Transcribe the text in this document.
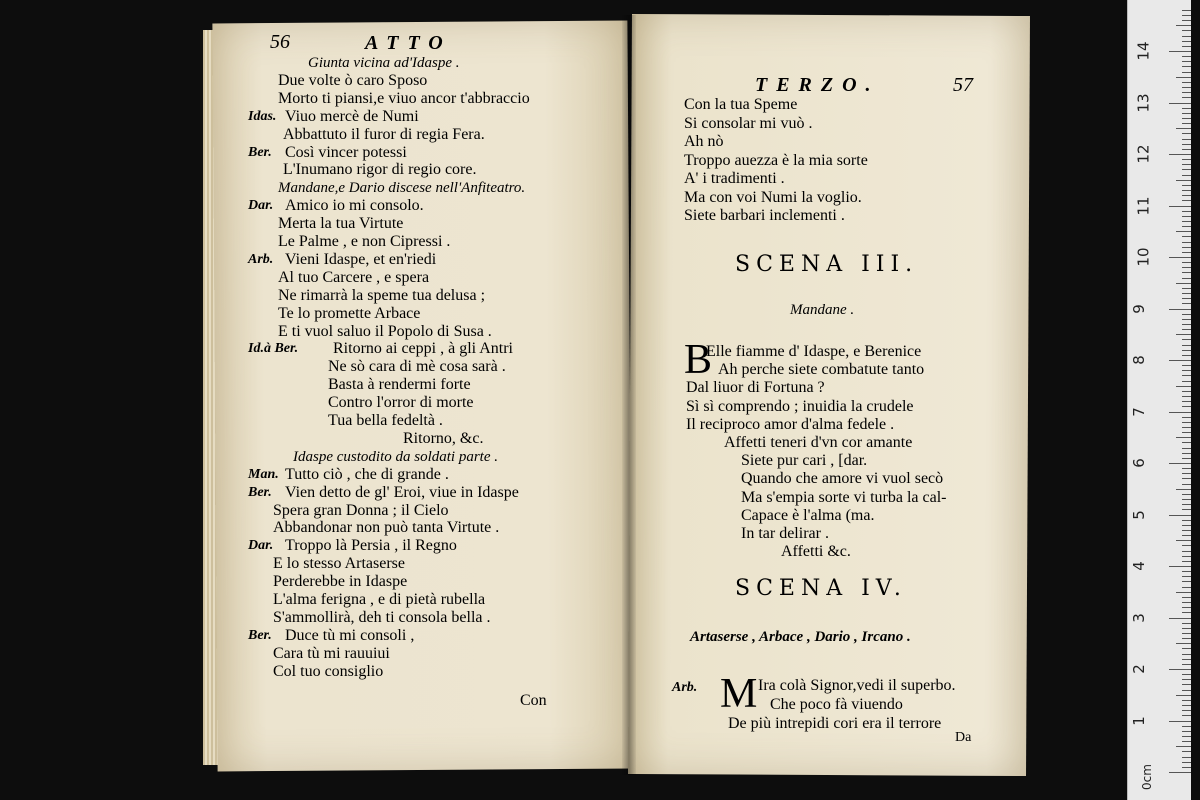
56	ATTO
Giunta vicina ad'Idaspe .
Due volte ò caro Sposo
Morto ti piansi,e viuo ancor t'abbraccio
Idas. Viuo mercè de Numi
Abbattuto il furor di regia Fera.
Ber. Così vincer potessi
L'Inumano rigor di regio core.
Mandane,e Dario discese nell'Anfiteatro.
Dar. Amico io mi consolo.
Merta la tua Virtute
Le Palme , e non Cipressi .
Arb. Vieni Idaspe, et en'riedi
Al tuo Carcere , e spera
Ne rimarrà la speme tua delusa ;
Te lo promette Arbace
E ti vuol saluo il Popolo di Susa .
Id.à Ber. Ritorno ai ceppi , à gli Antri
Ne sò cara di mè cosa sarà .
Basta à rendermi forte
Contro l'orror di morte
Tua bella fedeltà .
Ritorno, &c.
Idaspe custodito da soldati parte .
Man. Tutto ciò , che di grande .
Ber. Vien detto de gl' Eroi, viue in Idaspe
Spera gran Donna ; il Cielo
Abbandonar non può tanta Virtute .
Dar. Troppo là Persia , il Regno
E lo stesso Artaserse
Perderebbe in Idaspe
L'alma ferigna , e di pietà rubella
S'ammollirà, deh ti consola bella .
Ber. Duce tù mi consoli ,
Cara tù mi rauuiui
Col tuo consiglio
Con
TERZO.	57
Con la tua Speme
Si consolar mi vuò .
Ah nò
Troppo auezza è la mia sorte
A' i tradimenti .
Ma con voi Numi la voglio.
Siete barbari inclementi .
SCENA III.
Mandane .
B
Elle fiamme d' Idaspe, e Berenice
Ah perche siete combatute tanto
Dal liuor di Fortuna ?
Sì sì comprendo ; inuidia la crudele
Il reciproco amor d'alma fedele .
Affetti teneri d'vn cor amante
Siete pur cari , [dar.
Quando che amore vi vuol secò
Ma s'empia sorte vi turba la cal-
Capace è l'alma (ma.
In tar delirar .
Affetti &c.
SCENA IV.
Artaserse , Arbace , Dario , Ircano .
Arb. M Ira colà Signor,vedi il superbo.
Che poco fà viuendo
De più intrepidi cori era il terrore
Da
14
13
12
11
10
9
8
7
6
5
4
3
2
1
0cm
